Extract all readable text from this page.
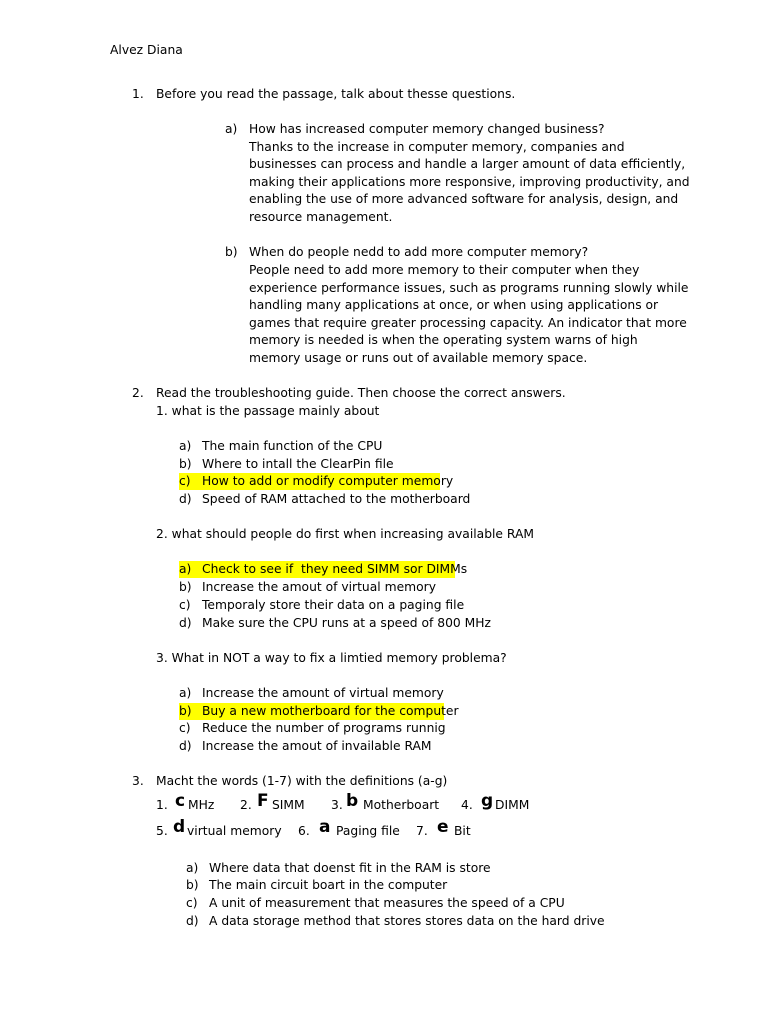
Alvez Diana
1. Before you read the passage, talk about thesse questions.
a) How has increased computer memory changed business?
Thanks to the increase in computer memory, companies and
businesses can process and handle a larger amount of data efficiently,
making their applications more responsive, improving productivity, and
enabling the use of more advanced software for analysis, design, and
resource management.
b) When do people nedd to add more computer memory?
People need to add more memory to their computer when they
experience performance issues, such as programs running slowly while
handling many applications at once, or when using applications or
games that require greater processing capacity. An indicator that more
memory is needed is when the operating system warns of high
memory usage or runs out of available memory space.
2. Read the troubleshooting guide. Then choose the correct answers.
1. what is the passage mainly about
a) The main function of the CPU
b) Where to intall the ClearPin file
c) How to add or modify computer memory
d) Speed of RAM attached to the motherboard
2. what should people do first when increasing available RAM
a) Check to see if  they need SIMM sor DIMMs
b) Increase the amout of virtual memory
c) Temporaly store their data on a paging file
d) Make sure the CPU runs at a speed of 800 MHz
3. What in NOT a way to fix a limtied memory problema?
a) Increase the amount of virtual memory
b) Buy a new motherboard for the computer
c) Reduce the number of programs runnig
d) Increase the amout of invailable RAM
3. Macht the words (1-7) with the definitions (a-g)
1. c MHz 2. F SIMM 3. b Motherboart 4. g DIMM
5. d virtual memory 6. a Paging file 7. e Bit
a) Where data that doenst fit in the RAM is store
b) The main circuit boart in the computer
c) A unit of measurement that measures the speed of a CPU
d) A data storage method that stores stores data on the hard drive
